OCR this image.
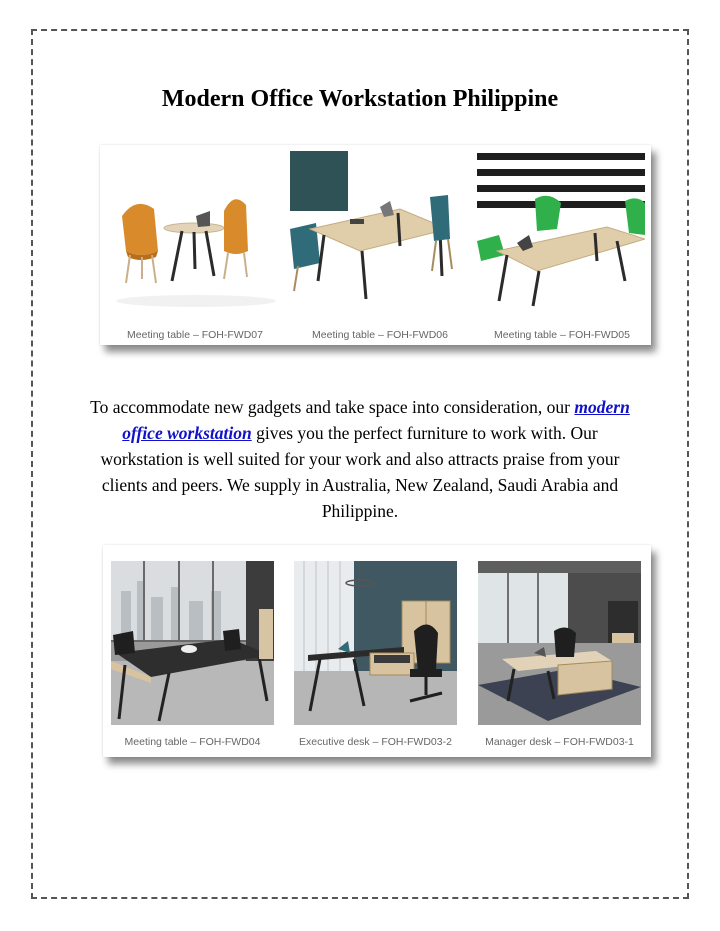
Modern Office Workstation Philippine
Meeting table – FOH-FWD07	Meeting table – FOH-FWD06	Meeting table – FOH-FWD05

To accommodate new gadgets and take space into consideration, our modern office workstation gives you the perfect furniture to work with. Our workstation is well suited for your work and also attracts praise from your clients and peers. We supply in Australia, New Zealand, Saudi Arabia and Philippine.

Meeting table – FOH-FWD04	Executive desk – FOH-FWD03-2	Manager desk – FOH-FWD03-1
